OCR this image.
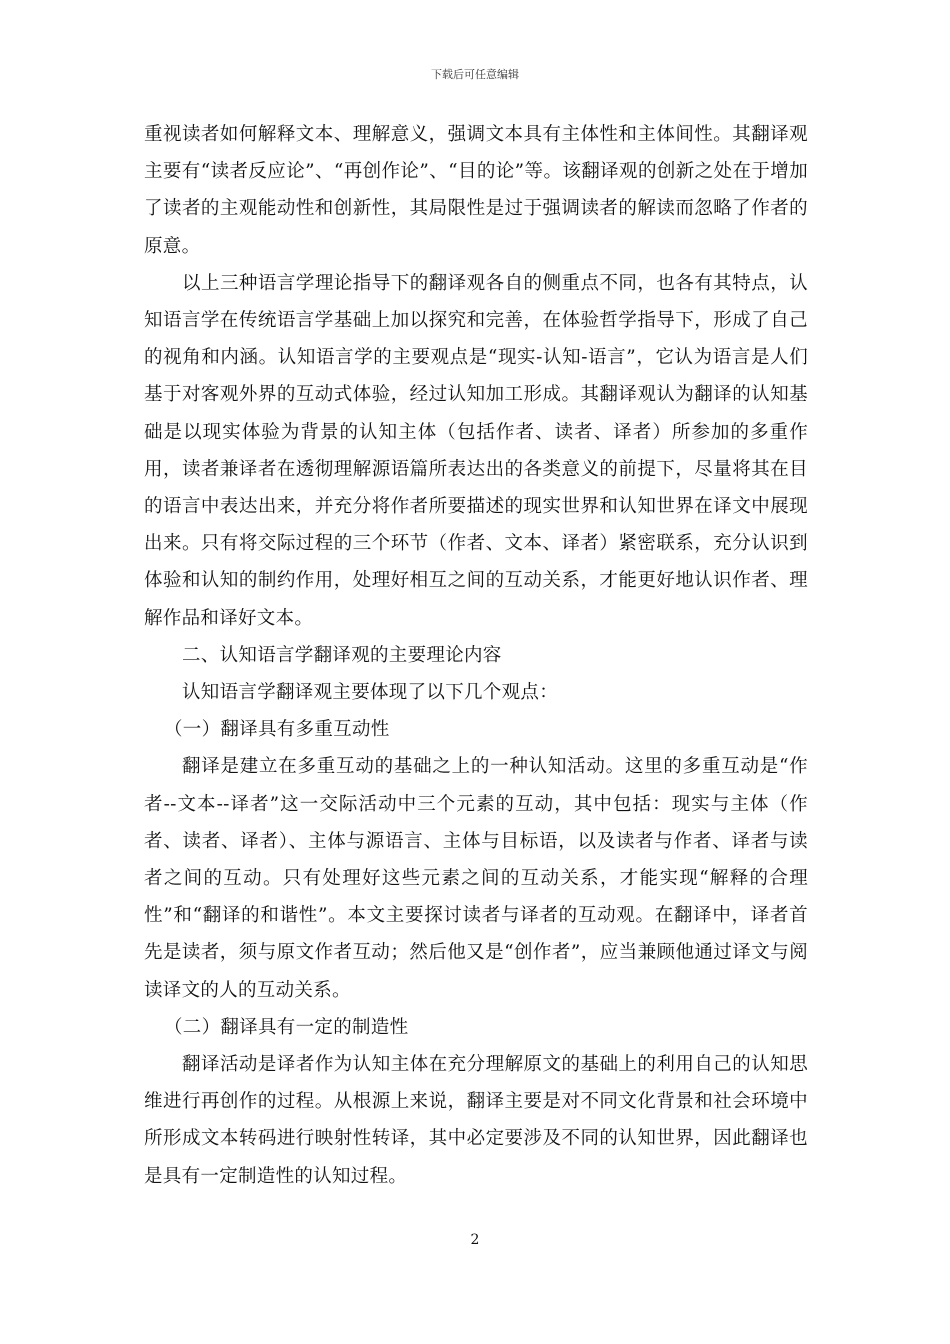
下载后可任意编辑

重视读者如何解释文本、理解意义，强调文本具有主体性和主体间性。其翻译观主要有“读者反应论”、“再创作论”、“目的论”等。该翻译观的创新之处在于增加了读者的主观能动性和创新性，其局限性是过于强调读者的解读而忽略了作者的原意。

以上三种语言学理论指导下的翻译观各自的侧重点不同，也各有其特点，认知语言学在传统语言学基础上加以探究和完善，在体验哲学指导下，形成了自己的视角和内涵。认知语言学的主要观点是“现实-认知-语言”，它认为语言是人们基于对客观外界的互动式体验，经过认知加工形成。其翻译观认为翻译的认知基础是以现实体验为背景的认知主体（包括作者、读者、译者）所参加的多重作用，读者兼译者在透彻理解源语篇所表达出的各类意义的前提下，尽量将其在目的语言中表达出来，并充分将作者所要描述的现实世界和认知世界在译文中展现出来。只有将交际过程的三个环节（作者、文本、译者）紧密联系，充分认识到体验和认知的制约作用，处理好相互之间的互动关系，才能更好地认识作者、理解作品和译好文本。

二、认知语言学翻译观的主要理论内容

认知语言学翻译观主要体现了以下几个观点：

（一）翻译具有多重互动性

翻译是建立在多重互动的基础之上的一种认知活动。这里的多重互动是“作者--文本--译者”这一交际活动中三个元素的互动，其中包括：现实与主体（作者、读者、译者）、主体与源语言、主体与目标语，以及读者与作者、译者与读者之间的互动。只有处理好这些元素之间的互动关系，才能实现“解释的合理性”和“翻译的和谐性”。本文主要探讨读者与译者的互动观。在翻译中，译者首先是读者，须与原文作者互动；然后他又是“创作者”，应当兼顾他通过译文与阅读译文的人的互动关系。

（二）翻译具有一定的制造性

翻译活动是译者作为认知主体在充分理解原文的基础上的利用自己的认知思维进行再创作的过程。从根源上来说，翻译主要是对不同文化背景和社会环境中所形成文本转码进行映射性转译，其中必定要涉及不同的认知世界，因此翻译也是具有一定制造性的认知过程。

2
